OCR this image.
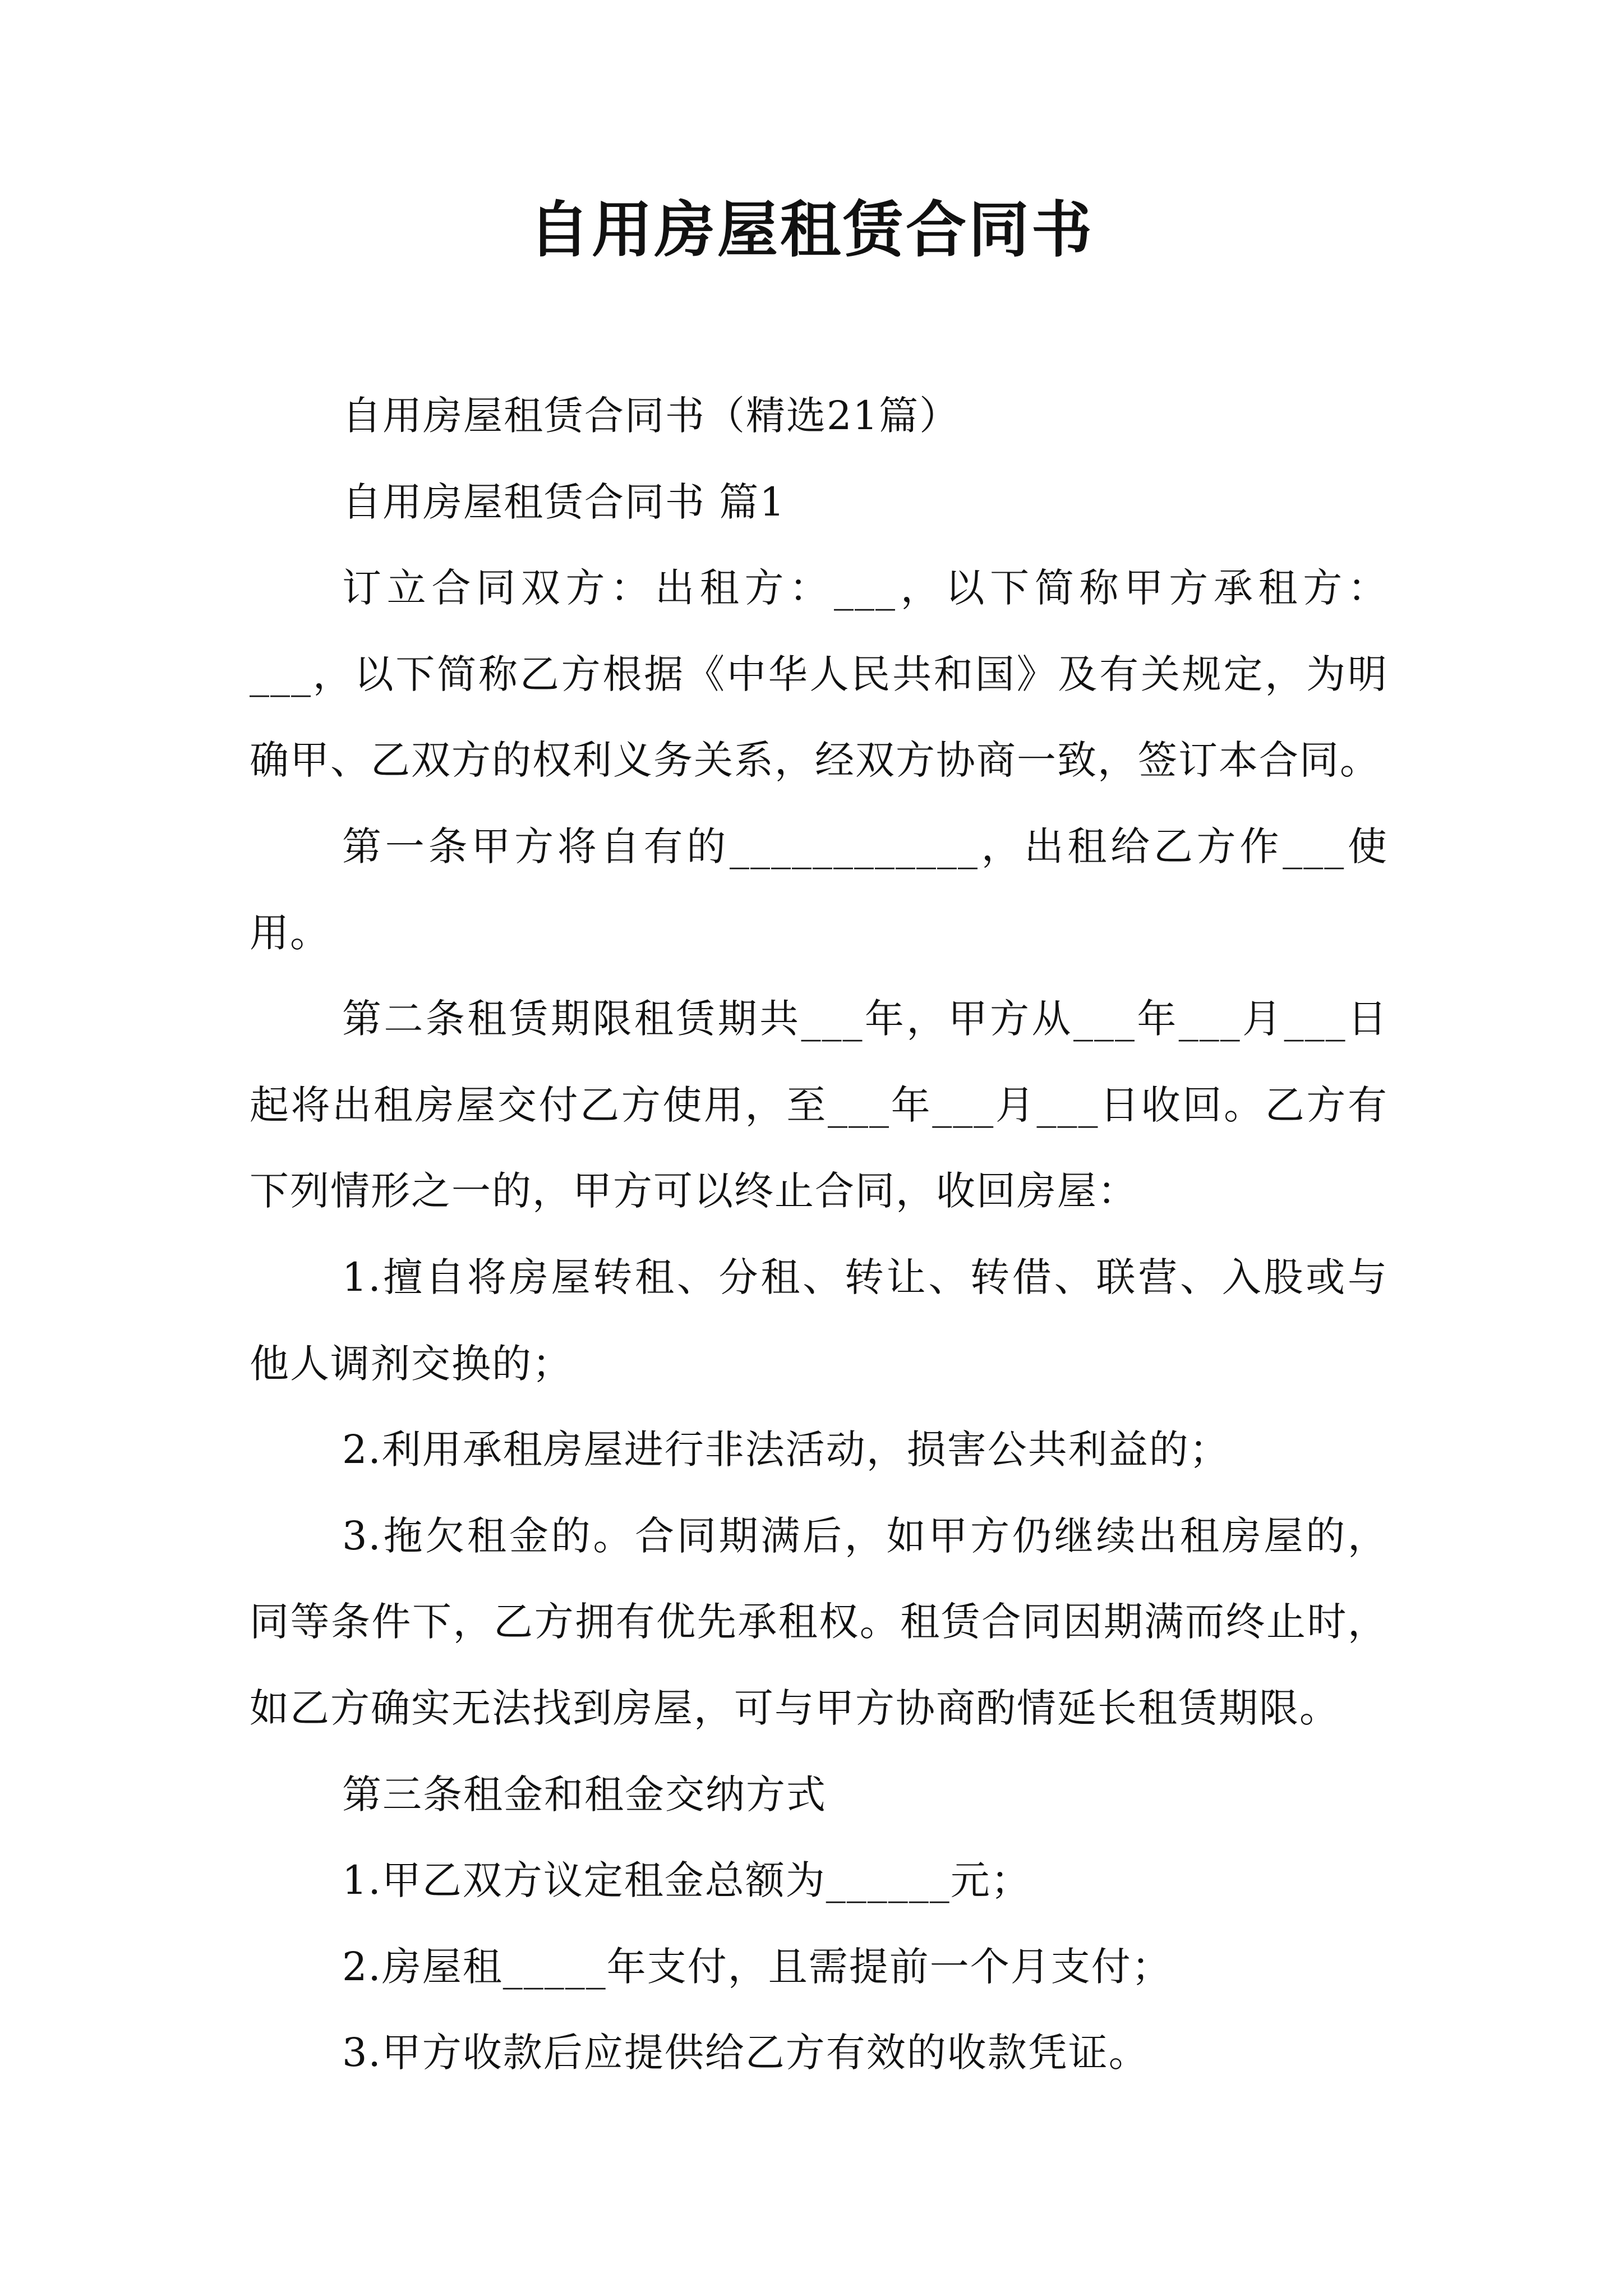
自用房屋租赁合同书

自用房屋租赁合同书（精选21篇）

自用房屋租赁合同书 篇1

订立合同双方：出租方：___，以下简称甲方承租方：___，以下简称乙方根据《中华人民共和国》及有关规定，为明确甲、乙双方的权利义务关系，经双方协商一致，签订本合同。

第一条甲方将自有的____________，出租给乙方作___使用。

第二条租赁期限租赁期共___年，甲方从___年___月___日起将出租房屋交付乙方使用，至___年___月___日收回。乙方有下列情形之一的，甲方可以终止合同，收回房屋：

1.擅自将房屋转租、分租、转让、转借、联营、入股或与他人调剂交换的；

2.利用承租房屋进行非法活动，损害公共利益的；

3.拖欠租金的。合同期满后，如甲方仍继续出租房屋的，同等条件下，乙方拥有优先承租权。租赁合同因期满而终止时，如乙方确实无法找到房屋，可与甲方协商酌情延长租赁期限。

第三条租金和租金交纳方式

1.甲乙双方议定租金总额为______元；

2.房屋租_____年支付，且需提前一个月支付；

3.甲方收款后应提供给乙方有效的收款凭证。
